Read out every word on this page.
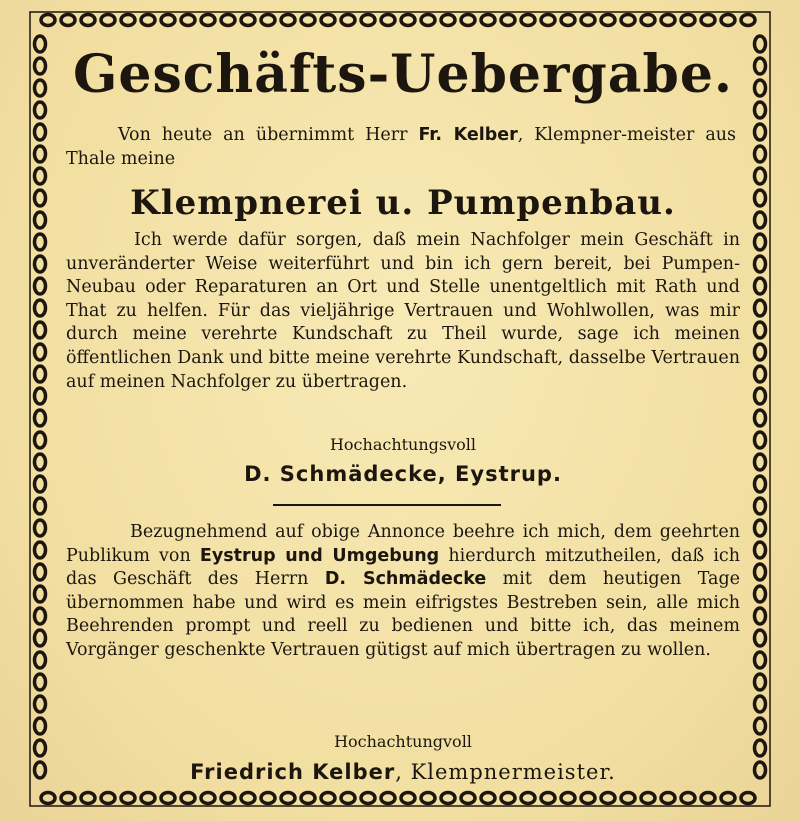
Geschäfts-Uebergabe.
Von heute an übernimmt Herr Fr. Kelber, Klempner-meister aus Thale meine
Klempnerei u. Pumpenbau.
Ich werde dafür sorgen, daß mein Nachfolger mein Geschäft in unveränderter Weise weiterführt und bin ich gern bereit, bei Pumpen-Neubau oder Reparaturen an Ort und Stelle unentgeltlich mit Rath und That zu helfen. Für das vieljährige Vertrauen und Wohlwollen, was mir durch meine verehrte Kundschaft zu Theil wurde, sage ich meinen öffentlichen Dank und bitte meine verehrte Kundschaft, dasselbe Vertrauen auf meinen Nachfolger zu übertragen.
Hochachtungsvoll
D. Schmädecke, Eystrup.
Bezugnehmend auf obige Annonce beehre ich mich, dem geehrten Publikum von Eystrup und Umgebung hierdurch mitzutheilen, daß ich das Geschäft des Herrn D. Schmädecke mit dem heutigen Tage übernommen habe und wird es mein eifrigstes Bestreben sein, alle mich Beehrenden prompt und reell zu bedienen und bitte ich, das meinem Vorgänger geschenkte Vertrauen gütigst auf mich übertragen zu wollen.
Hochachtungvoll
Friedrich Kelber, Klempnermeister.
